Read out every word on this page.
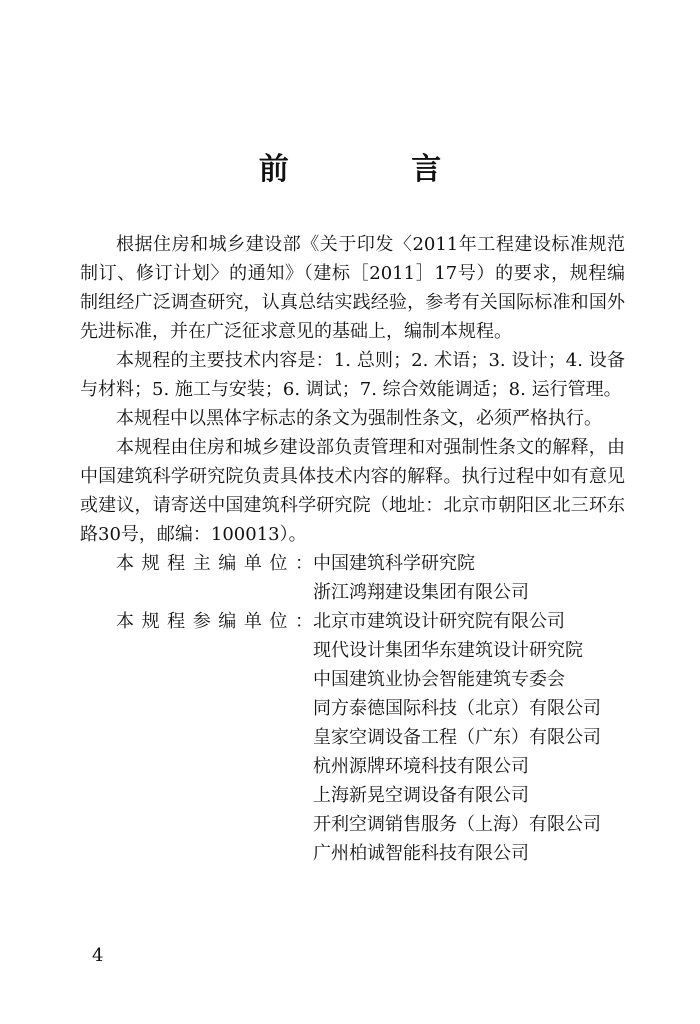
前 言

根据住房和城乡建设部《关于印发〈2011年工程建设标准规范制订、修订计划〉的通知》（建标［2011］17号）的要求，规程编制组经广泛调查研究，认真总结实践经验，参考有关国际标准和国外先进标准，并在广泛征求意见的基础上，编制本规程。

本规程的主要技术内容是：1. 总则；2. 术语；3. 设计；4. 设备与材料；5. 施工与安装；6. 调试；7. 综合效能调适；8. 运行管理。

本规程中以黑体字标志的条文为强制性条文，必须严格执行。

本规程由住房和城乡建设部负责管理和对强制性条文的解释，由中国建筑科学研究院负责具体技术内容的解释。执行过程中如有意见或建议，请寄送中国建筑科学研究院（地址：北京市朝阳区北三环东路30号，邮编：100013）。

本规程主编单位： 中国建筑科学研究院
浙江鸿翔建设集团有限公司
本规程参编单位： 北京市建筑设计研究院有限公司
现代设计集团华东建筑设计研究院
中国建筑业协会智能建筑专委会
同方泰德国际科技（北京）有限公司
皇家空调设备工程（广东）有限公司
杭州源牌环境科技有限公司
上海新晃空调设备有限公司
开利空调销售服务（上海）有限公司
广州柏诚智能科技有限公司
4
